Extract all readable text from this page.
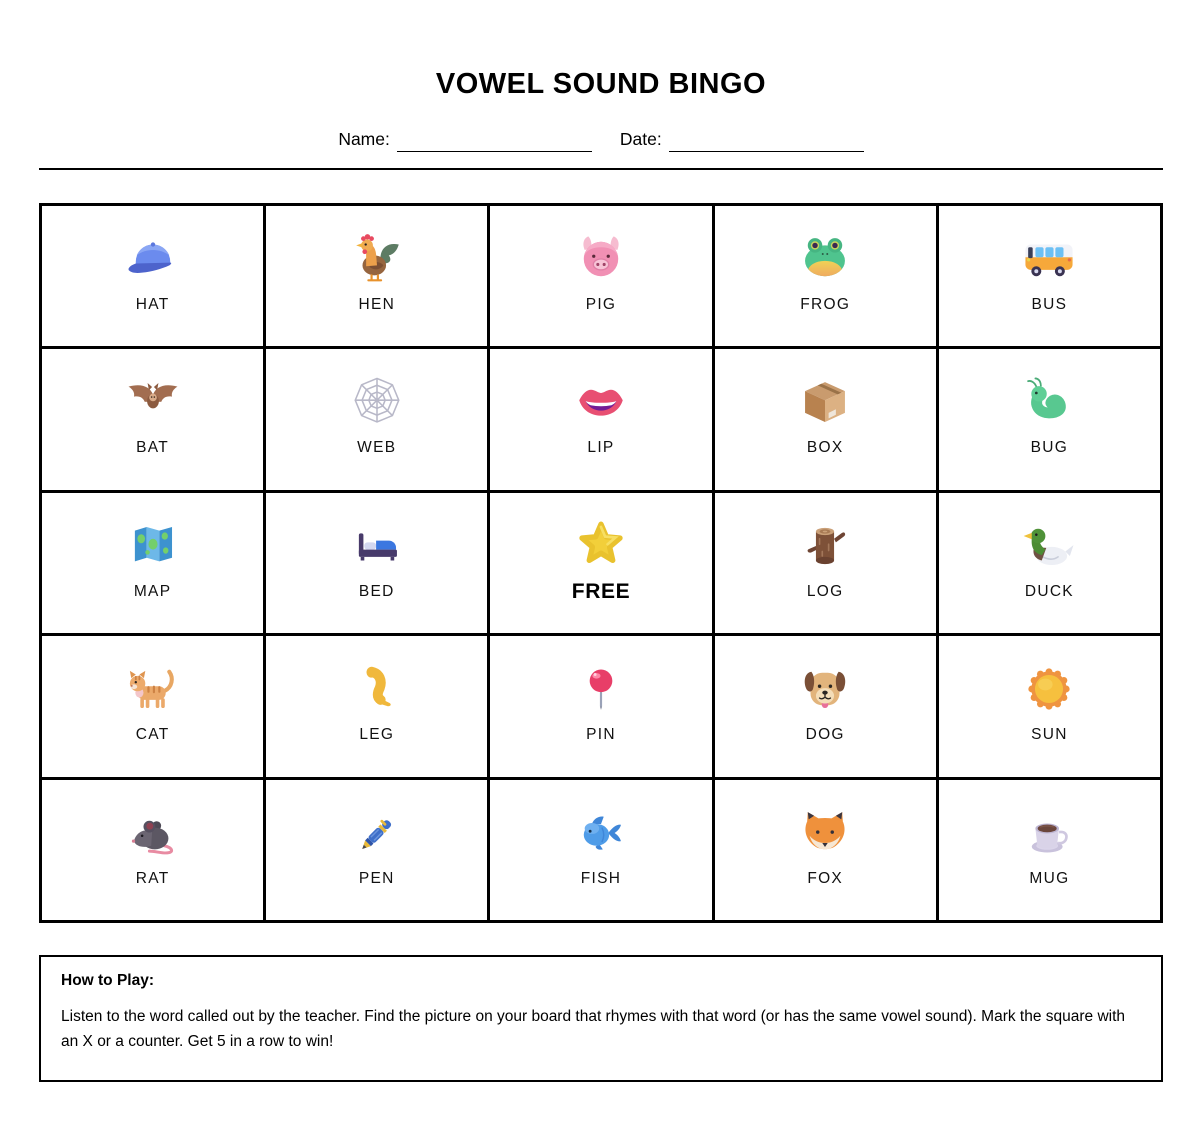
VOWEL SOUND BINGO
Name:	Date:
HAT	HEN	PIG	FROG	BUS
BAT	WEB	LIP	BOX	BUG
MAP	BED	FREE	LOG	DUCK
CAT	LEG	PIN	DOG	SUN
RAT	PEN	FISH	FOX	MUG
How to Play:

Listen to the word called out by the teacher. Find the picture on your board that rhymes with that word (or has the same vowel sound). Mark the square with an X or a counter. Get 5 in a row to win!
